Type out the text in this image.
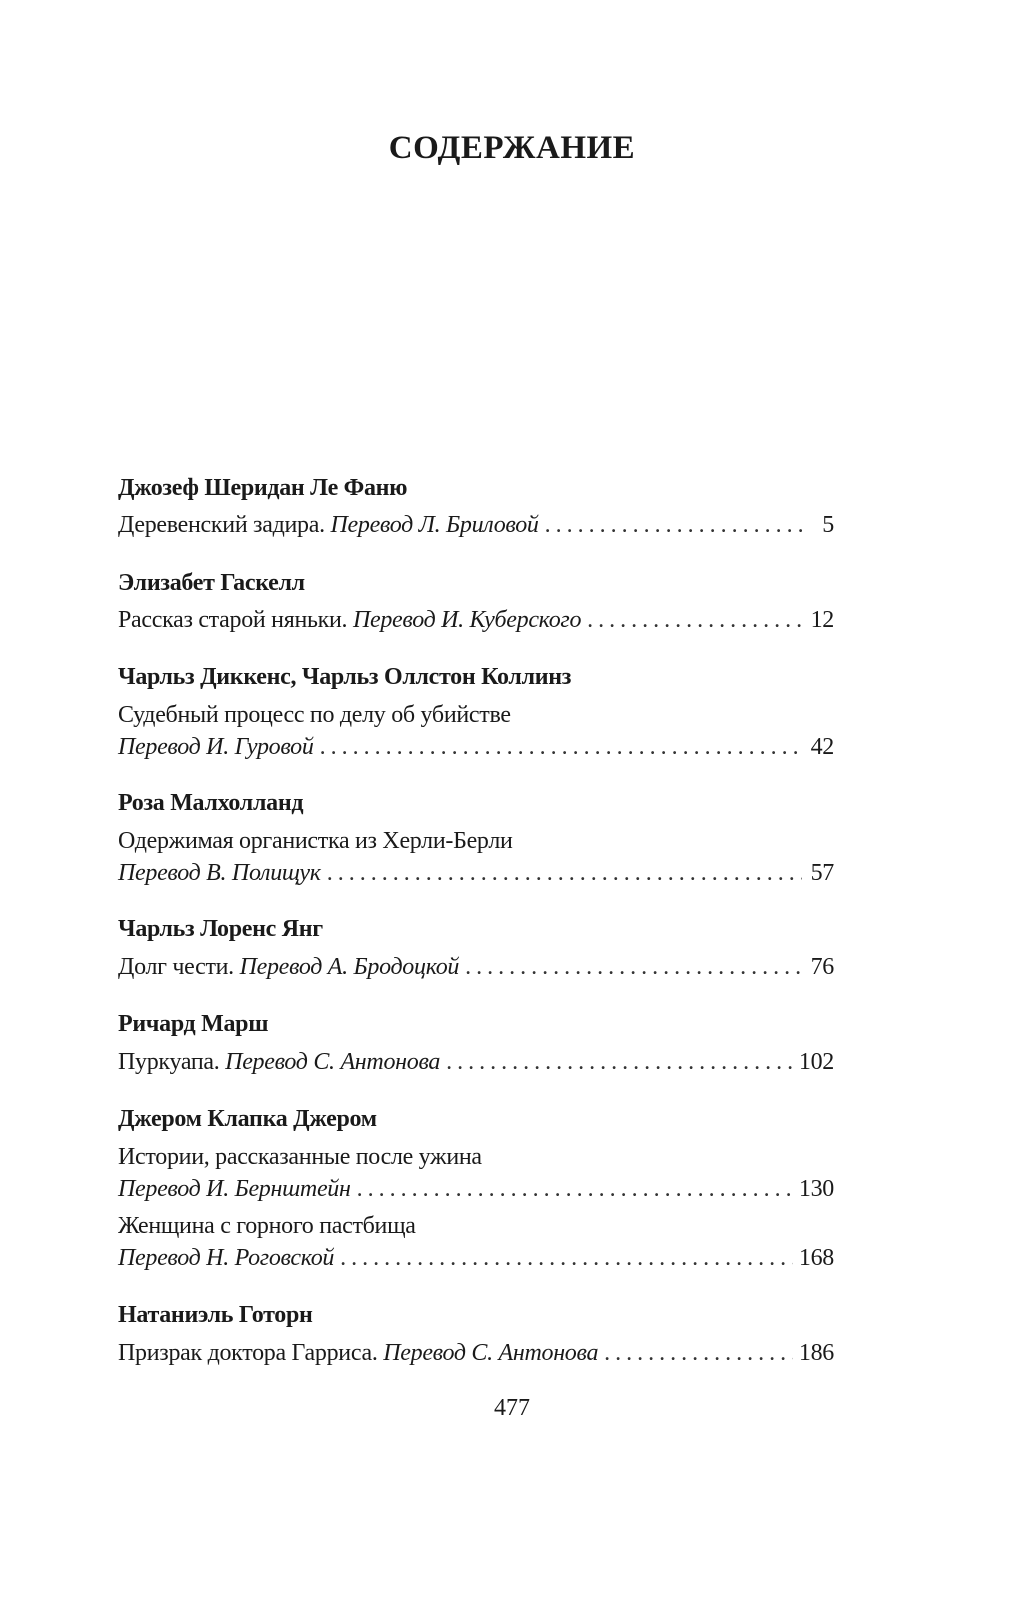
СОДЕРЖАНИЕ
Джозеф Шеридан Ле Фаню
Деревенский задира.
Перевод Л. Бриловой . . .	5
Элизабет Гаскелл
Рассказ старой няньки.
Перевод И. Куберского . . .	12
Чарльз Диккенс, Чарльз Оллстон Коллинз
Судебный процесс по делу об убийстве
Перевод И. Гуровой . . .	42
Роза Малхолланд
Одержимая органистка из Херли-Берли
Перевод В. Полищук . . .	57
Чарльз Лоренс Янг
Долг чести.
Перевод А. Бродоцкой . . .	76
Ричард Марш
Пуркуапа.
Перевод С. Антонова . . .	102
Джером Клапка Джером
Истории, рассказанные после ужина
Перевод И. Бернштейн . . .	130
Женщина с горного пастбища
Перевод Н. Роговской . . .	168
Натаниэль Готорн
Призрак доктора Гарриса.
Перевод С. Антонова . . .	186
477
